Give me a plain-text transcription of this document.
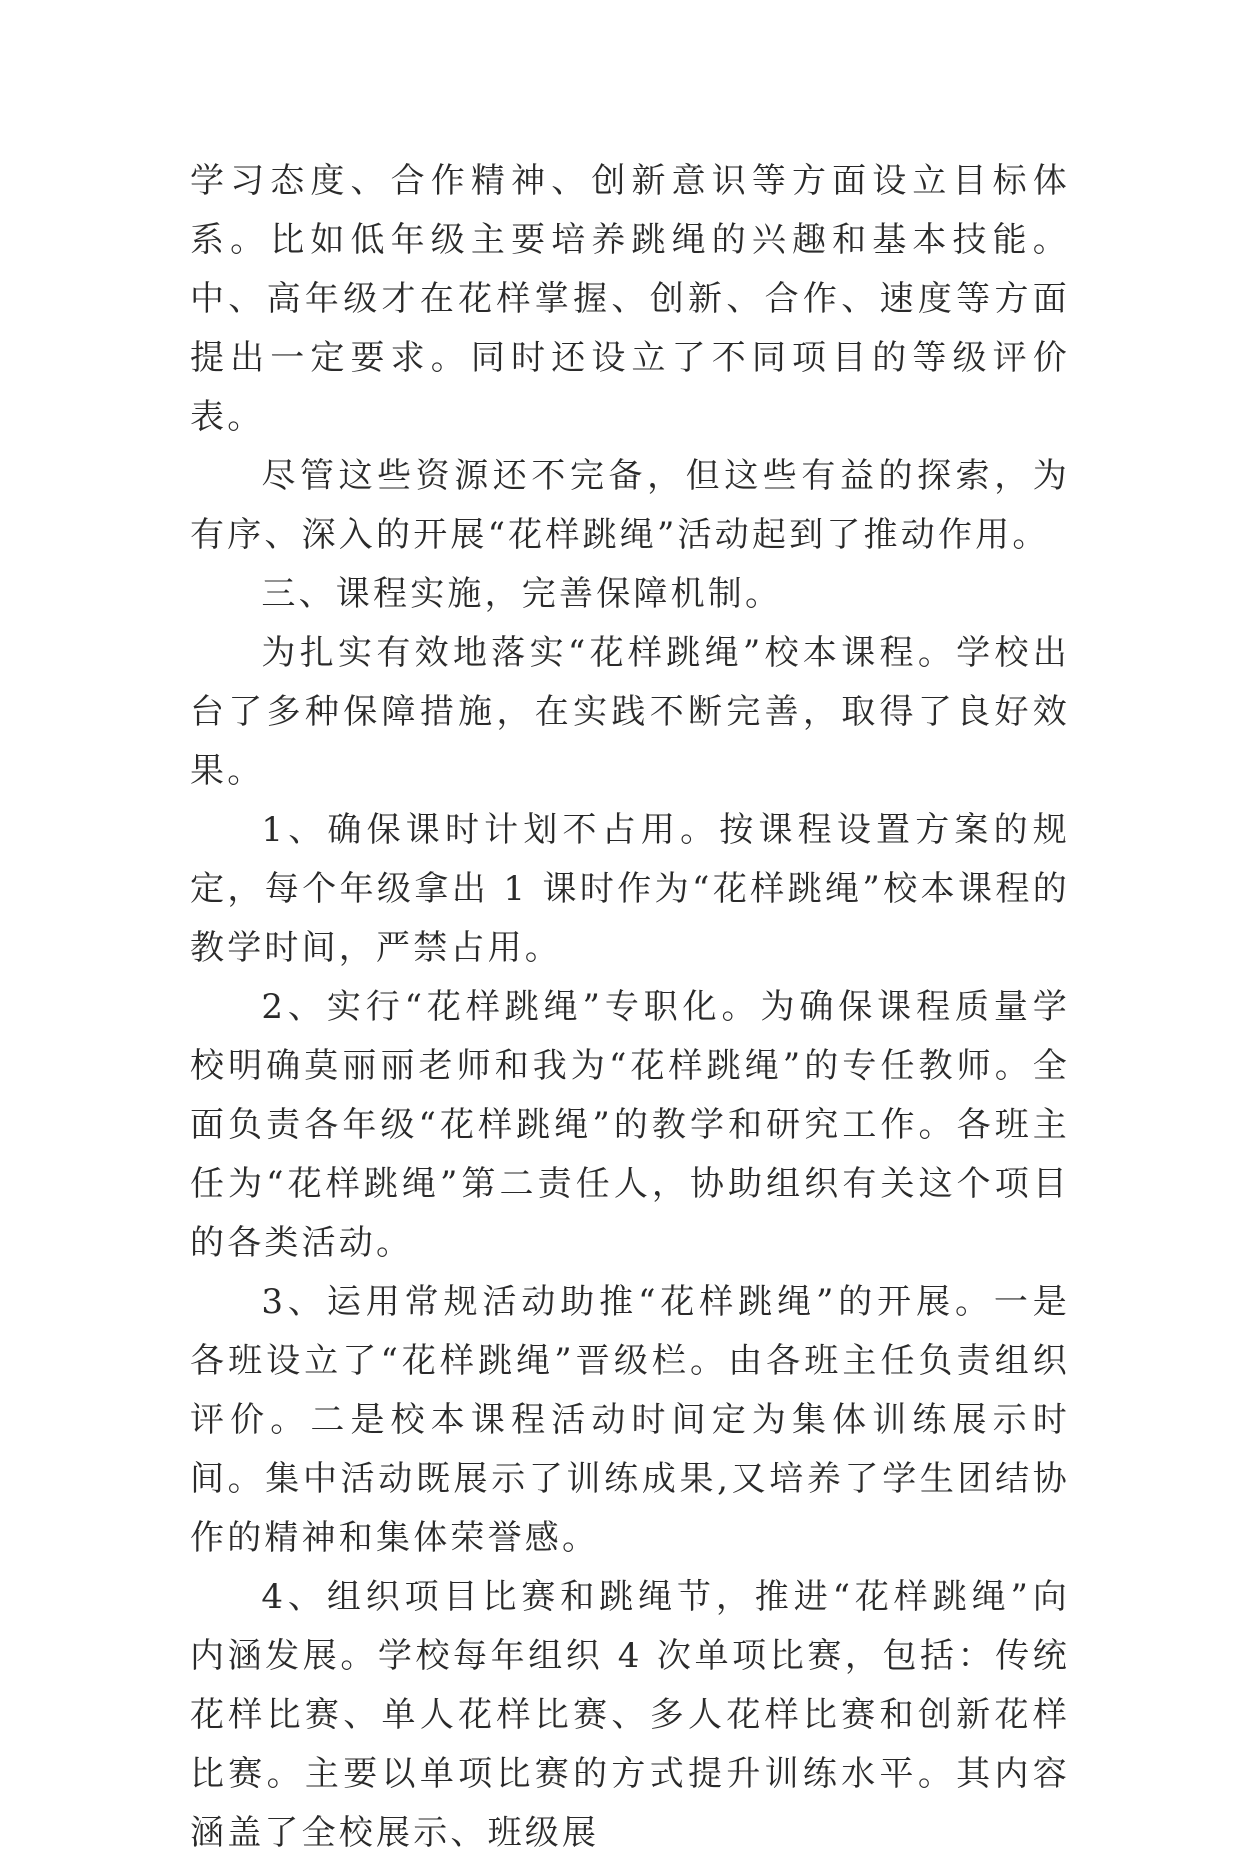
学习态度、合作精神、创新意识等方面设立目标体系。比如低年级主要培养跳绳的兴趣和基本技能。中、高年级才在花样掌握、创新、合作、速度等方面提出一定要求。同时还设立了不同项目的等级评价表。

尽管这些资源还不完备，但这些有益的探索，为有序、深入的开展“花样跳绳”活动起到了推动作用。

三、课程实施，完善保障机制。

为扎实有效地落实“花样跳绳”校本课程。学校出台了多种保障措施，在实践不断完善，取得了良好效果。

1、确保课时计划不占用。按课程设置方案的规定，每个年级拿出 1 课时作为“花样跳绳”校本课程的教学时间，严禁占用。

2、实行“花样跳绳”专职化。为确保课程质量学校明确莫丽丽老师和我为“花样跳绳”的专任教师。全面负责各年级“花样跳绳”的教学和研究工作。各班主任为“花样跳绳”第二责任人，协助组织有关这个项目的各类活动。

3、运用常规活动助推“花样跳绳”的开展。一是各班设立了“花样跳绳”晋级栏。由各班主任负责组织评价。二是校本课程活动时间定为集体训练展示时间。集中活动既展示了训练成果,又培养了学生团结协作的精神和集体荣誉感。

4、组织项目比赛和跳绳节，推进“花样跳绳”向内涵发展。学校每年组织 4 次单项比赛，包括：传统花样比赛、单人花样比赛、多人花样比赛和创新花样比赛。主要以单项比赛的方式提升训练水平。其内容涵盖了全校展示、班级展
